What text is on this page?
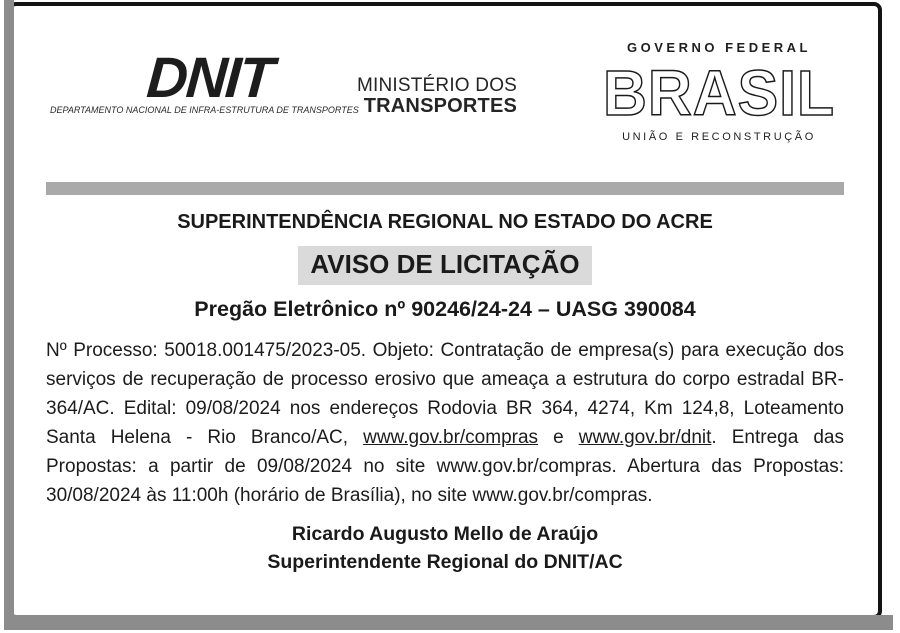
DNIT
DEPARTAMENTO NACIONAL DE INFRA-ESTRUTURA DE TRANSPORTES
MINISTÉRIO DOS
TRANSPORTES
GOVERNO FEDERAL
BRASIL
UNIÃO E RECONSTRUÇÃO
SUPERINTENDÊNCIA REGIONAL NO ESTADO DO ACRE
AVISO DE LICITAÇÃO
Pregão Eletrônico nº 90246/24-24 – UASG 390084

Nº Processo: 50018.001475/2023-05. Objeto: Contratação de empresa(s) para execução dos serviços de recuperação de processo erosivo que ameaça a estrutura do corpo estradal BR-364/AC. Edital: 09/08/2024 nos endereços Rodovia BR 364, 4274, Km 124,8, Loteamento Santa Helena - Rio Branco/AC, www.gov.br/compras e www.gov.br/dnit. Entrega das Propostas: a partir de 09/08/2024 no site www.gov.br/compras. Abertura das Propostas: 30/08/2024 às 11:00h (horário de Brasília), no site www.gov.br/compras.

Ricardo Augusto Mello de Araújo
Superintendente Regional do DNIT/AC
